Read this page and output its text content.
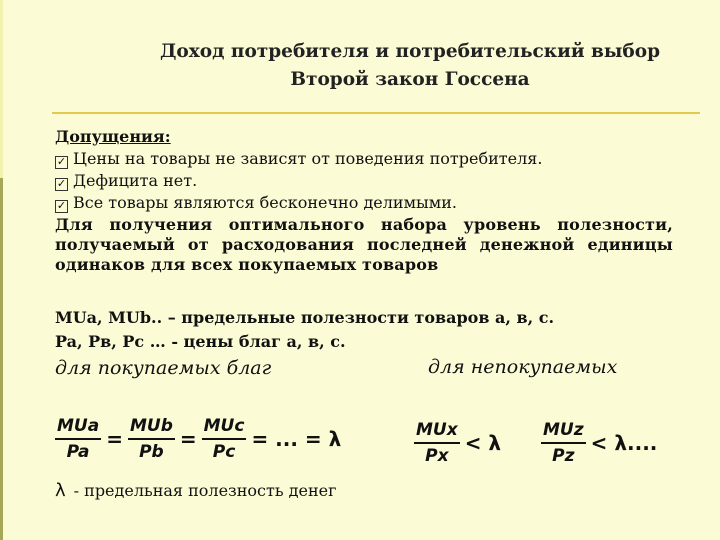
Доход потребителя и потребительский выбор
Второй закон Госсена
Допущения:
✓ Цены на товары не зависят от поведения потребителя.
✓ Дефицита нет.
✓ Все товары являются бесконечно делимыми.
Для получения оптимального набора уровень полезности, получаемый от расходования последней денежной единицы одинаков для всех покупаемых товаров
MUa, MUb.. – предельные полезности товаров а, в, с.
Pa, Pв, Pc … - цены благ а, в, с.
для покупаемых благ	для непокупаемых
$\frac{\text{MUa}}{Pa} = \frac{\text{MUb}}{Pb} = \frac{\text{MUc}}{Pc}$ = ... = λ	$\frac{\text{MUx}}{Px} < \lambda \frac{\text{MUz}}{Pz} < \lambda$....
λ - предельная полезность денег
